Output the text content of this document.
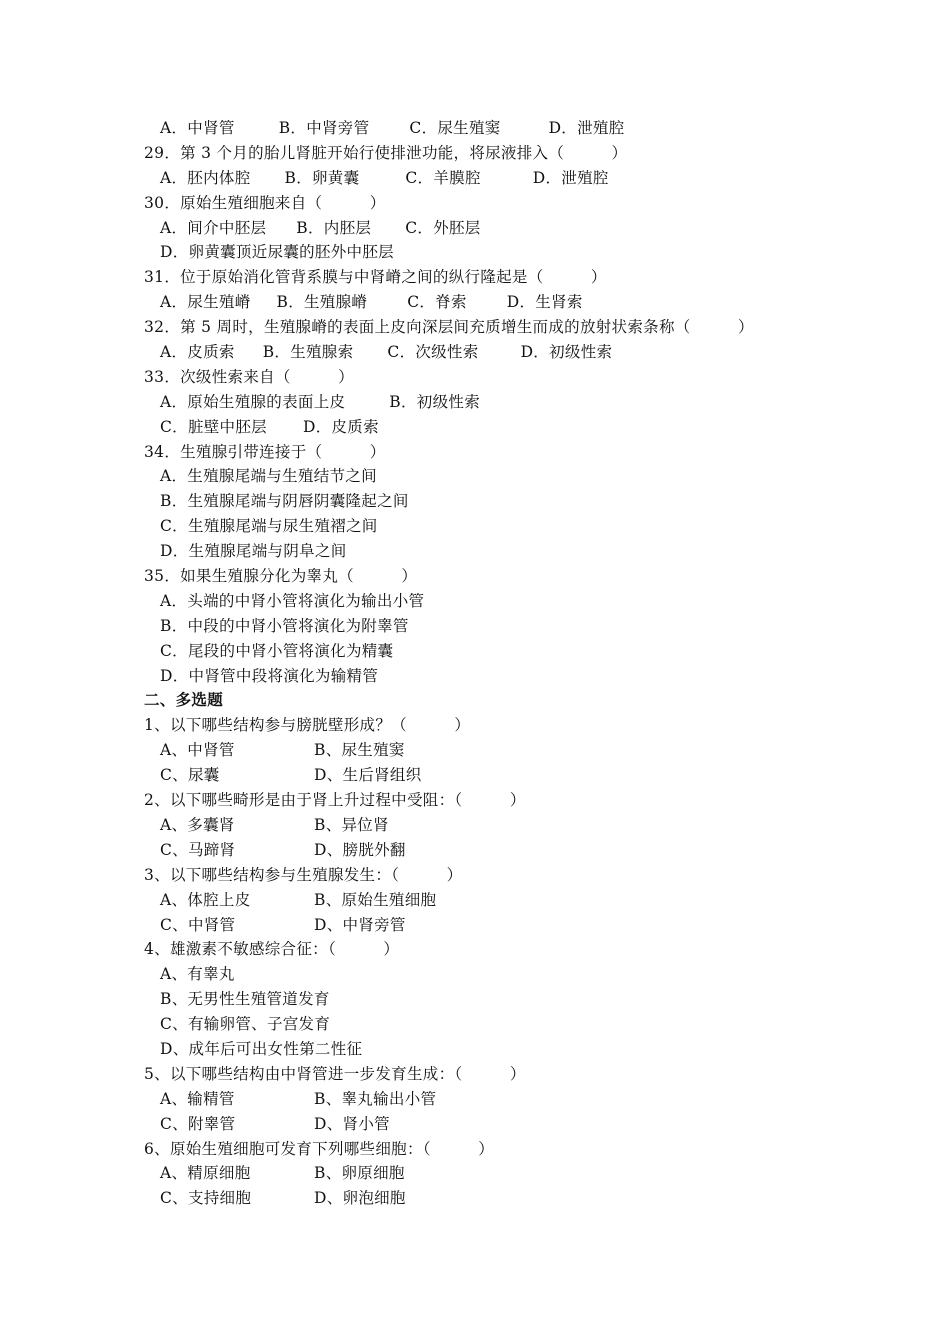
A．中肾管	B．中肾旁管	C．尿生殖窦	D．泄殖腔
29．第 3 个月的胎儿肾脏开始行使排泄功能，将尿液排入（　　　）
A．胚内体腔 B．卵黄囊	C．羊膜腔	D．泄殖腔
30．原始生殖细胞来自（　　　）
A．间介中胚层 B．内胚层 C．外胚层
D．卵黄囊顶近尿囊的胚外中胚层
31．位于原始消化管背系膜与中肾嵴之间的纵行隆起是（　　　）
A．尿生殖嵴 B．生殖腺嵴	C．脊索	D．生肾索
32．第 5 周时，生殖腺嵴的表面上皮向深层间充质增生而成的放射状索条称（　　　）
A．皮质索 B．生殖腺索 C．次级性索	D．初级性索
33．次级性索来自（　　　）
A．原始生殖腺的表面上皮	B．初级性索
C．脏壁中胚层 D．皮质索
34．生殖腺引带连接于（　　　）
A．生殖腺尾端与生殖结节之间
B．生殖腺尾端与阴唇阴囊隆起之间
C．生殖腺尾端与尿生殖褶之间
D．生殖腺尾端与阴阜之间
35．如果生殖腺分化为睾丸（　　　）
A．头端的中肾小管将演化为输出小管
B．中段的中肾小管将演化为附睾管
C．尾段的中肾小管将演化为精囊
D．中肾管中段将演化为输精管
二、多选题
1、以下哪些结构参与膀胱壁形成？（　　　）
A、中肾管	B、尿生殖窦
C、尿囊	D、生后肾组织
2、以下哪些畸形是由于肾上升过程中受阻：（　　　）
A、多囊肾	B、异位肾
C、马蹄肾	D、膀胱外翻
3、以下哪些结构参与生殖腺发生：（　　　）
A、体腔上皮	B、原始生殖细胞
C、中肾管	D、中肾旁管
4、雄激素不敏感综合征：（　　　）
A、有睾丸
B、无男性生殖管道发育
C、有输卵管、子宫发育
D、成年后可出女性第二性征
5、以下哪些结构由中肾管进一步发育生成：（　　　）
A、输精管	B、睾丸输出小管
C、附睾管	D、肾小管
6、原始生殖细胞可发育下列哪些细胞：（　　　）
A、精原细胞	B、卵原细胞
C、支持细胞	D、卵泡细胞
